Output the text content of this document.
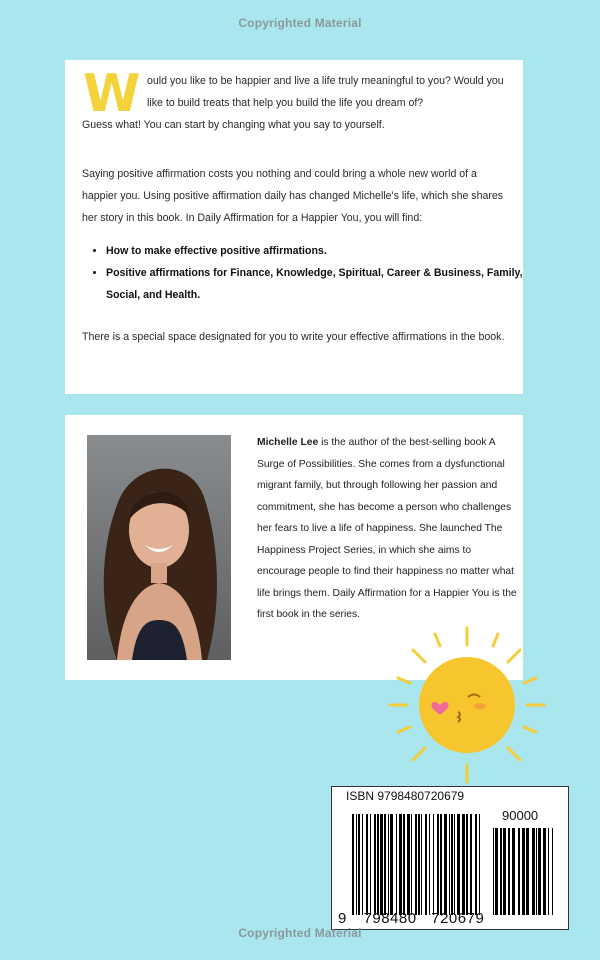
Copyrighted Material
W ould you like to be happier and live a life truly meaningful to you? Would you like to build treats that help you build the life you dream of?
Guess what! You can start by changing what you say to yourself.
Saying positive affirmation costs you nothing and could bring a whole new world of a happier you. Using positive affirmation daily has changed Michelle's life, which she shares her story in this book. In Daily Affirmation for a Happier You, you will find:
• How to make effective positive affirmations.
• Positive affirmations for Finance, Knowledge, Spiritual, Career & Business, Family, Social, and Health.
There is a special space designated for you to write your effective affirmations in the book.
Michelle Lee is the author of the best-selling book A Surge of Possibilities. She comes from a dysfunctional migrant family, but through following her passion and commitment, she has become a person who challenges her fears to live a life of happiness. She launched The Happiness Project Series, in which she aims to encourage people to find their happiness no matter what life brings them. Daily Affirmation for a Happier You is the first book in the series.
ISBN 9798480720679
90000
9 798480 720679
Copyrighted Material
